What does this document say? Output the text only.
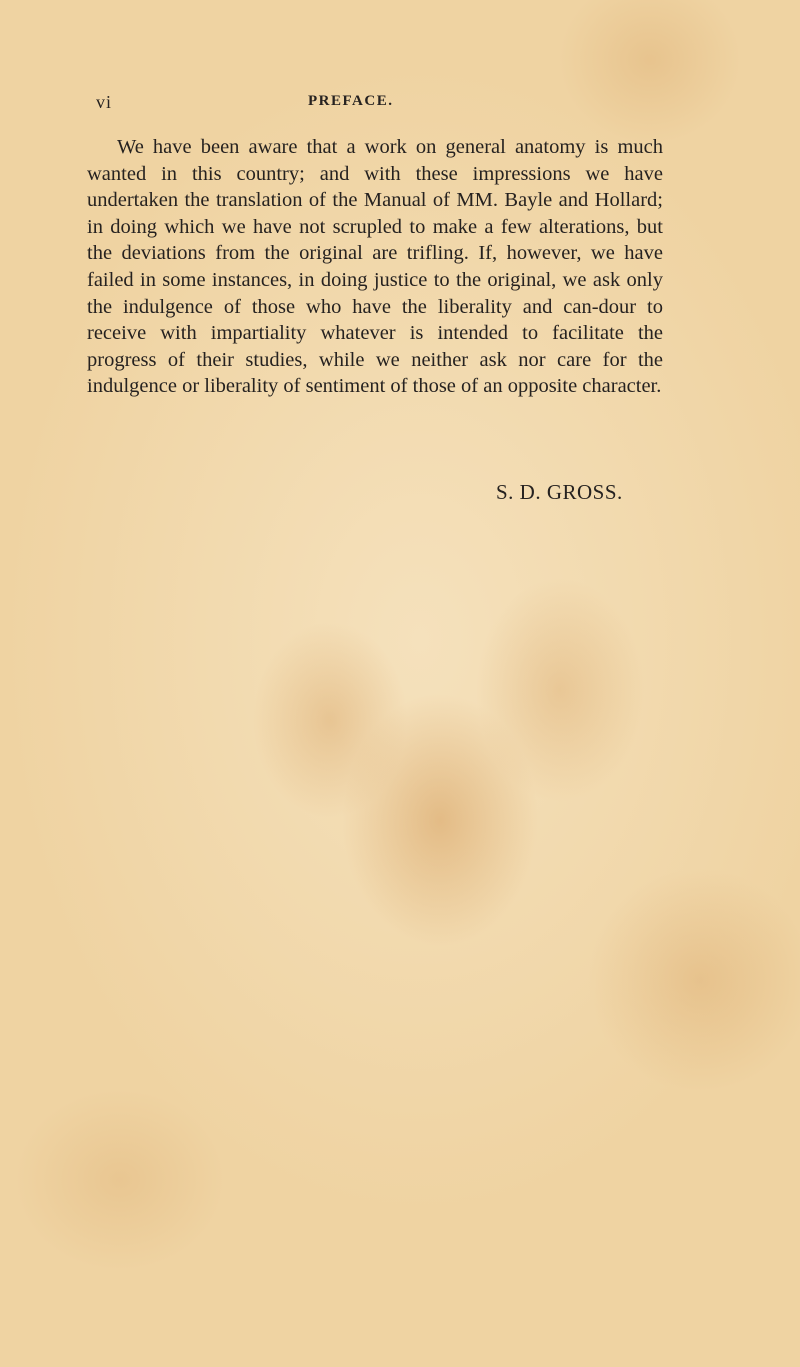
vi	PREFACE.

We have been aware that a work on general anatomy is much wanted in this country; and with these impressions we have undertaken the translation of the Manual of MM. Bayle and Hollard; in doing which we have not scrupled to make a few alterations, but the deviations from the original are trifling. If, however, we have failed in some instances, in doing justice to the original, we ask only the indulgence of those who have the liberality and can-dour to receive with impartiality whatever is intended to facilitate the progress of their studies, while we neither ask nor care for the indulgence or liberality of sentiment of those of an opposite character.

S. D. GROSS.
